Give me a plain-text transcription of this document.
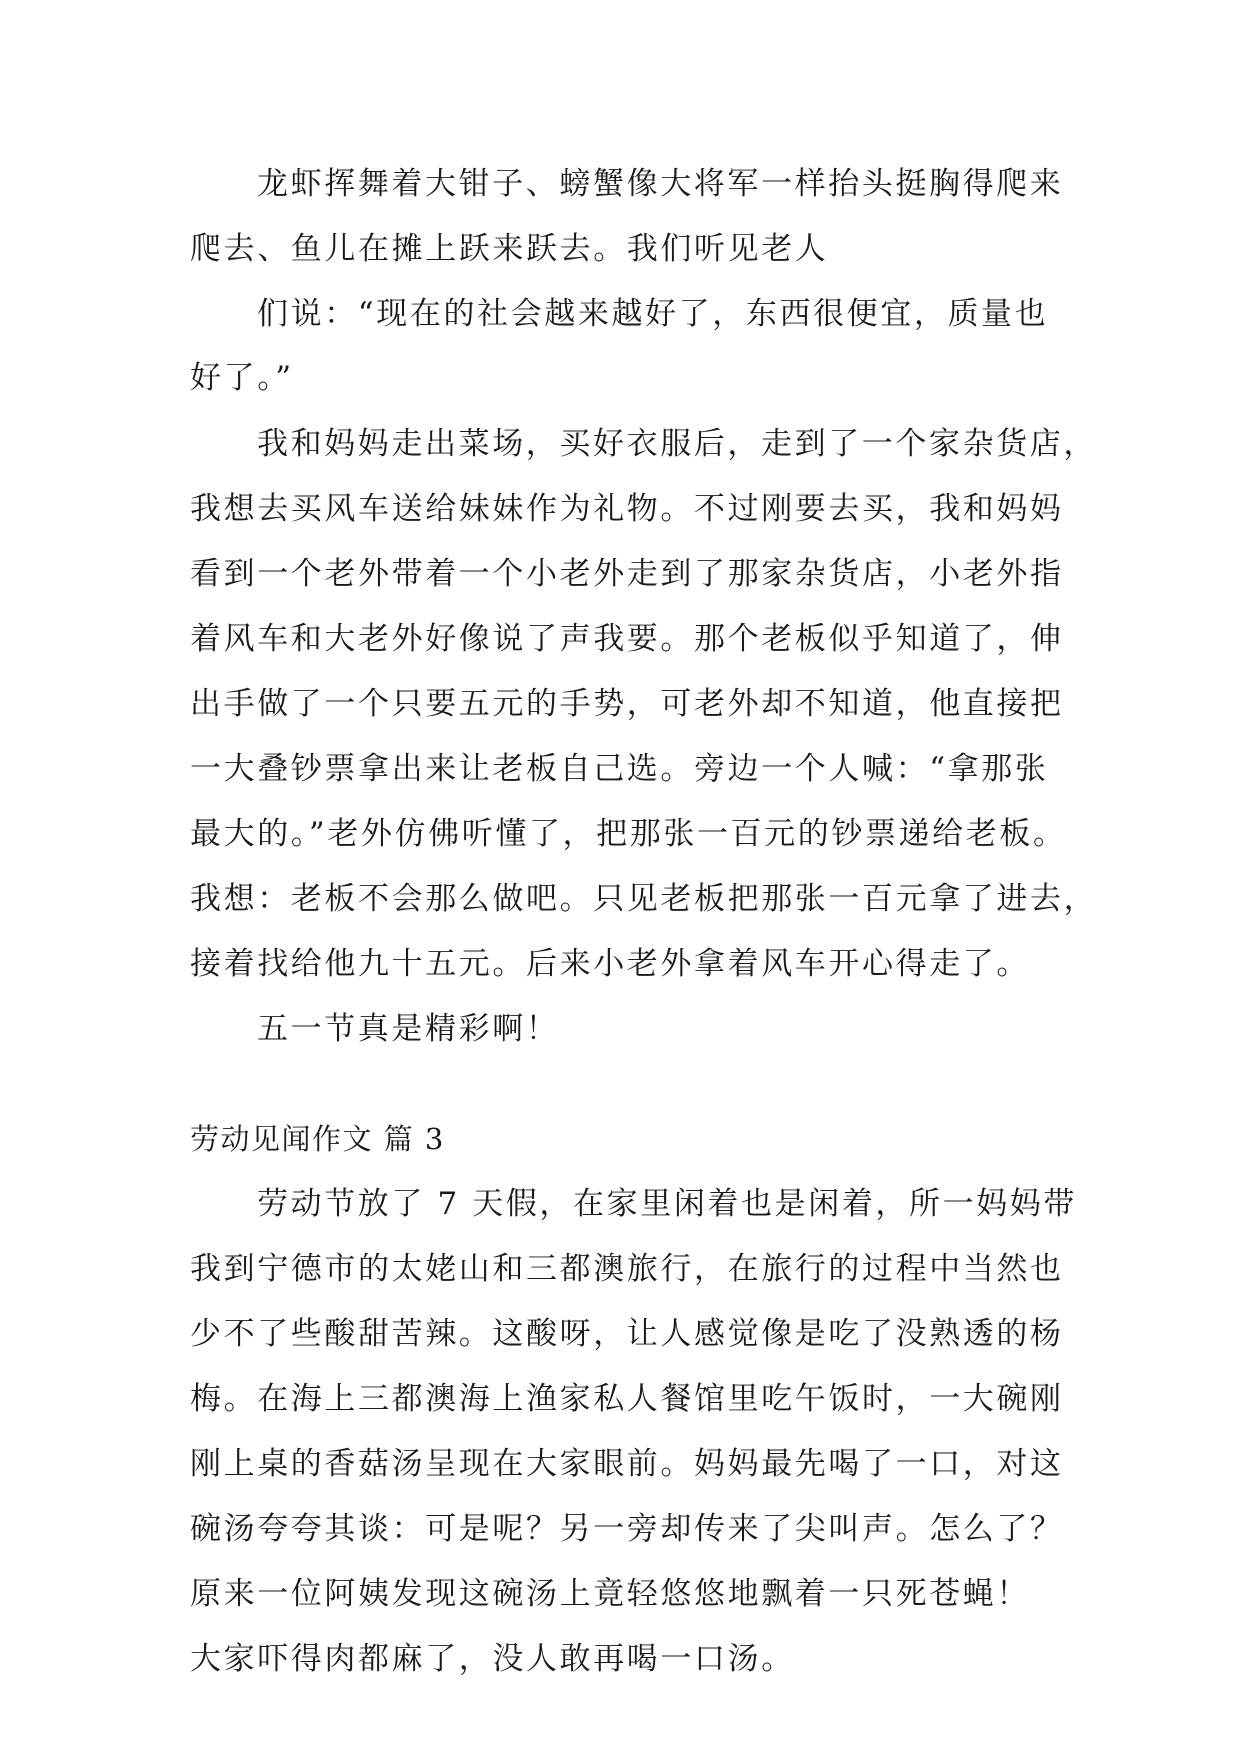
龙虾挥舞着大钳子、螃蟹像大将军一样抬头挺胸得爬来
爬去、鱼儿在摊上跃来跃去。我们听见老人
们说：“现在的社会越来越好了，东西很便宜，质量也
好了。”
我和妈妈走出菜场，买好衣服后，走到了一个家杂货店，
我想去买风车送给妹妹作为礼物。不过刚要去买，我和妈妈
看到一个老外带着一个小老外走到了那家杂货店，小老外指
着风车和大老外好像说了声我要。那个老板似乎知道了，伸
出手做了一个只要五元的手势，可老外却不知道，他直接把
一大叠钞票拿出来让老板自己选。旁边一个人喊：“拿那张
最大的。”老外仿佛听懂了，把那张一百元的钞票递给老板。
我想：老板不会那么做吧。只见老板把那张一百元拿了进去，
接着找给他九十五元。后来小老外拿着风车开心得走了。
五一节真是精彩啊！
劳动见闻作文 篇 3
劳动节放了 7 天假，在家里闲着也是闲着，所一妈妈带
我到宁德市的太姥山和三都澳旅行，在旅行的过程中当然也
少不了些酸甜苦辣。这酸呀，让人感觉像是吃了没熟透的杨
梅。在海上三都澳海上渔家私人餐馆里吃午饭时，一大碗刚
刚上桌的香菇汤呈现在大家眼前。妈妈最先喝了一口，对这
碗汤夸夸其谈：可是呢？另一旁却传来了尖叫声。怎么了？
原来一位阿姨发现这碗汤上竟轻悠悠地飘着一只死苍蝇！
大家吓得肉都麻了，没人敢再喝一口汤。
